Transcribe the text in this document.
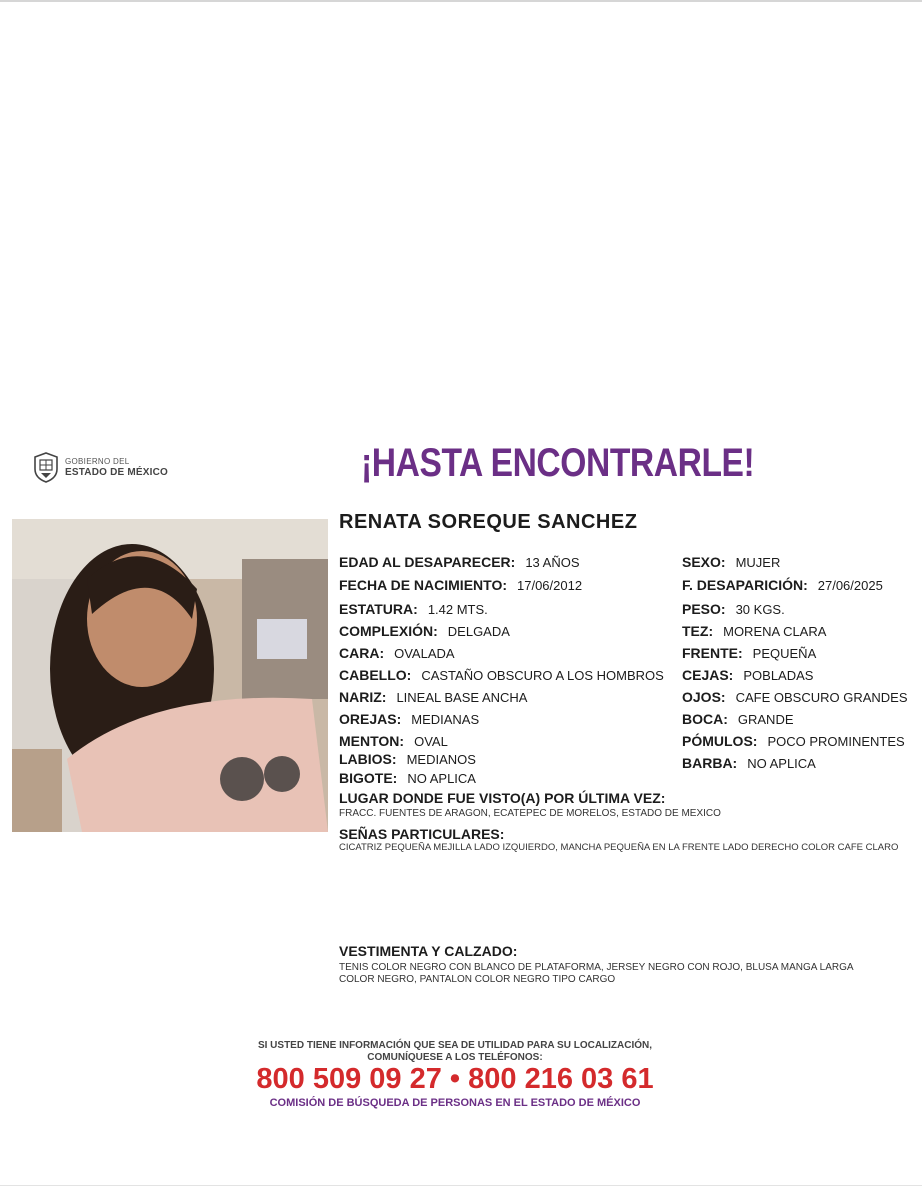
GOBIERNO DEL
ESTADO DE MÉXICO	¡HASTA ENCONTRARLE!
RENATA SOREQUE SANCHEZ
EDAD AL DESAPARECER: 13 AÑOS
FECHA DE NACIMIENTO: 17/06/2012
ESTATURA: 1.42 MTS.
COMPLEXIÓN: DELGADA
CARA: OVALADA
CABELLO: CASTAÑO OBSCURO A LOS HOMBROS
NARIZ: LINEAL BASE ANCHA
OREJAS: MEDIANAS
MENTON: OVAL
LABIOS: MEDIANOS
BIGOTE: NO APLICA
SEXO: MUJER
F. DESAPARICIÓN: 27/06/2025
PESO: 30 KGS.
TEZ: MORENA CLARA
FRENTE: PEQUEÑA
CEJAS: POBLADAS
OJOS: CAFE OBSCURO GRANDES
BOCA: GRANDE
PÓMULOS: POCO PROMINENTES
BARBA: NO APLICA
LUGAR DONDE FUE VISTO(A) POR ÚLTIMA VEZ:
FRACC. FUENTES DE ARAGON, ECATEPEC DE MORELOS, ESTADO DE MEXICO
SEÑAS PARTICULARES:
CICATRIZ PEQUEÑA MEJILLA LADO IZQUIERDO, MANCHA PEQUEÑA EN LA FRENTE LADO DERECHO COLOR CAFE CLARO
VESTIMENTA Y CALZADO:
TENIS COLOR NEGRO CON BLANCO DE PLATAFORMA, JERSEY NEGRO CON ROJO, BLUSA MANGA LARGA COLOR NEGRO, PANTALON COLOR NEGRO TIPO CARGO
SI USTED TIENE INFORMACIÓN QUE SEA DE UTILIDAD PARA SU LOCALIZACIÓN,
COMUNÍQUESE A LOS TELÉFONOS:
800 509 09 27 • 800 216 03 61
COMISIÓN DE BÚSQUEDA DE PERSONAS EN EL ESTADO DE MÉXICO
